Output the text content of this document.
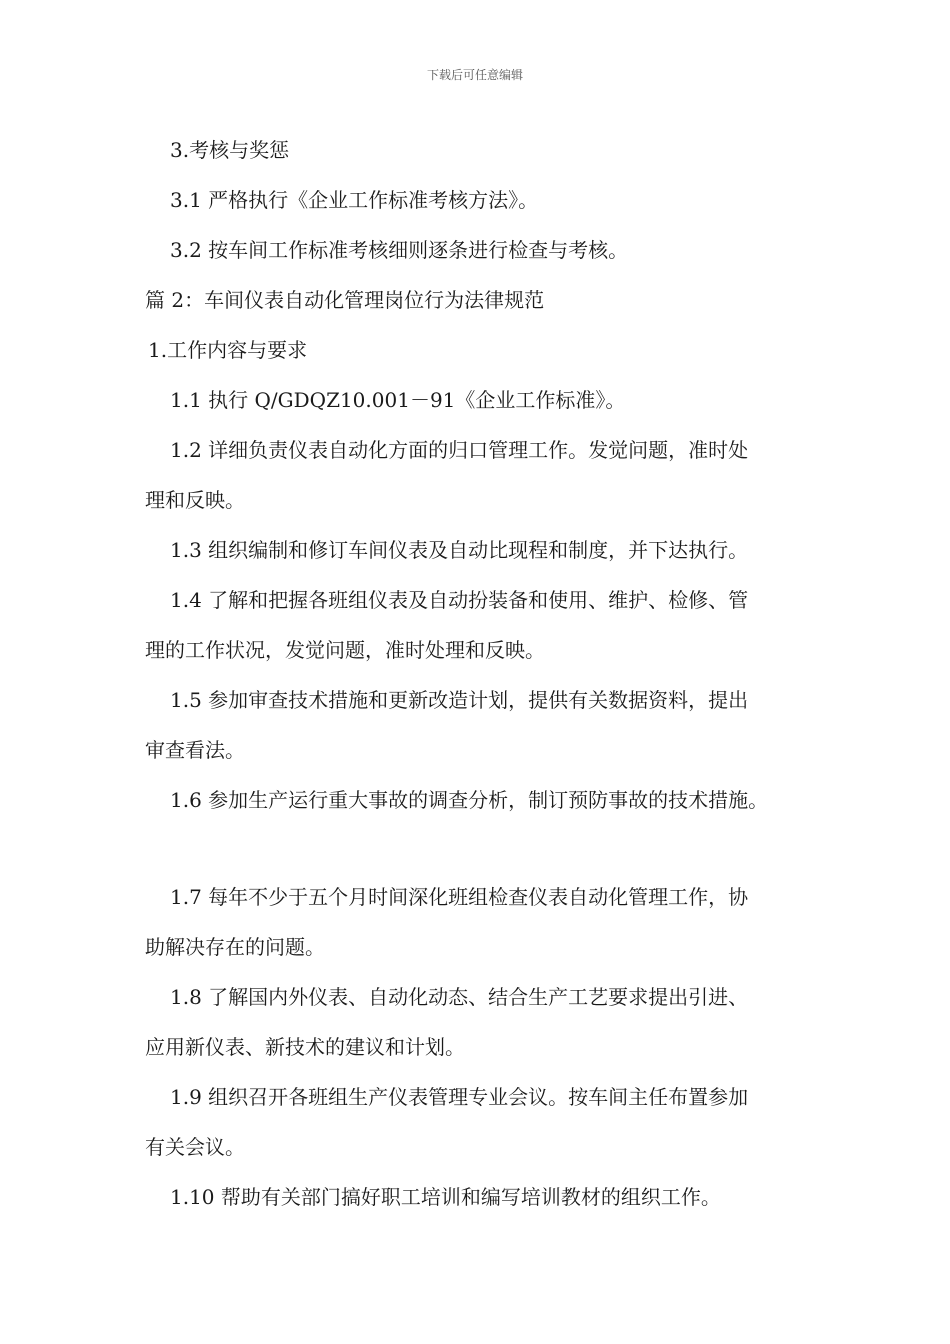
下载后可任意编辑
3.考核与奖惩
3.1 严格执行《企业工作标准考核方法》。
3.2 按车间工作标准考核细则逐条进行检查与考核。
篇 2：车间仪表自动化管理岗位行为法律规范
1.工作内容与要求
1.1 执行 Q/GDQZ10.001－91《企业工作标准》。
1.2 详细负责仪表自动化方面的归口管理工作。发觉问题，准时处
理和反映。
1.3 组织编制和修订车间仪表及自动比现程和制度，并下达执行。
1.4 了解和把握各班组仪表及自动扮装备和使用、维护、检修、管
理的工作状况，发觉问题，准时处理和反映。
1.5 参加审查技术措施和更新改造计划，提供有关数据资料，提出
审查看法。
1.6 参加生产运行重大事故的调查分析，制订预防事故的技术措施。
1.7 每年不少于五个月时间深化班组检查仪表自动化管理工作，协
助解决存在的问题。
1.8 了解国内外仪表、自动化动态、结合生产工艺要求提出引进、
应用新仪表、新技术的建议和计划。
1.9 组织召开各班组生产仪表管理专业会议。按车间主任布置参加
有关会议。
1.10 帮助有关部门搞好职工培训和编写培训教材的组织工作。
